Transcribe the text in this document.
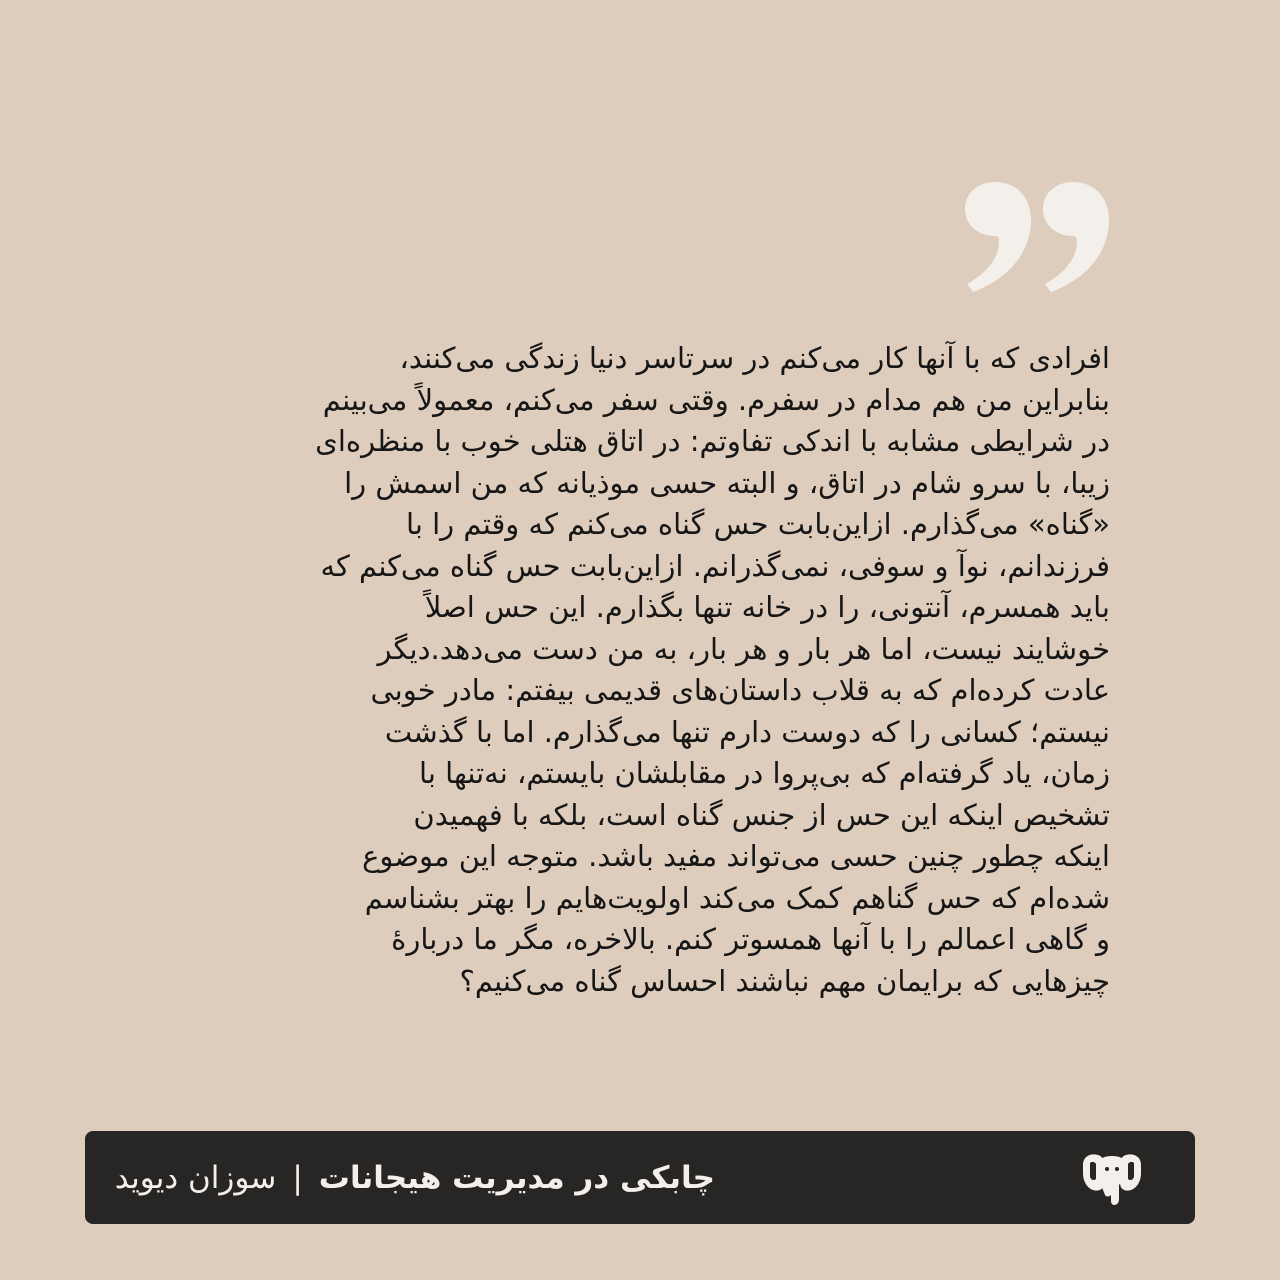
افرادی که با آنها کار می‌کنم در سرتاسر دنیا زندگی می‌کنند،
بنابراین من هم مدام در سفرم. وقتی سفر می‌کنم، معمولاً می‌بینم
در شرایطی مشابه با اندکی تفاوتم: در اتاق هتلی خوب با منظره‌ای
زیبا، با سرو شام در اتاق، و البته حسی موذیانه که من اسمش را
«گناه» می‌گذارم. ازاین‌بابت حس گناه می‌کنم که وقتم را با
فرزندانم، نوآ و سوفی، نمی‌گذرانم. ازاین‌بابت حس گناه می‌کنم که
باید همسرم، آنتونی، را در خانه تنها بگذارم. این حس اصلاً
خوشایند نیست، اما هر بار و هر بار، به من دست می‌دهد.دیگر
عادت کرده‌ام که به قلاب داستان‌های قدیمی بیفتم: مادر خوبی
نیستم؛ کسانی را که دوست دارم تنها می‌گذارم. اما با گذشت
زمان، یاد گرفته‌ام که بی‌پروا در مقابلشان بایستم، نه‌تنها با
تشخیص اینکه این حس از جنس گناه است، بلکه با فهمیدن
اینکه چطور چنین حسی می‌تواند مفید باشد. متوجه این موضوع
شده‌ام که حس گناهم کمک می‌کند اولویت‌هایم را بهتر بشناسم
و گاهی اعمالم را با آنها همسوتر کنم. بالاخره، مگر ما دربارۀ
چیزهایی که برایمان مهم نباشند احساس گناه می‌کنیم؟
چابکی در مدیریت هیجانات
|
سوزان دیوید
